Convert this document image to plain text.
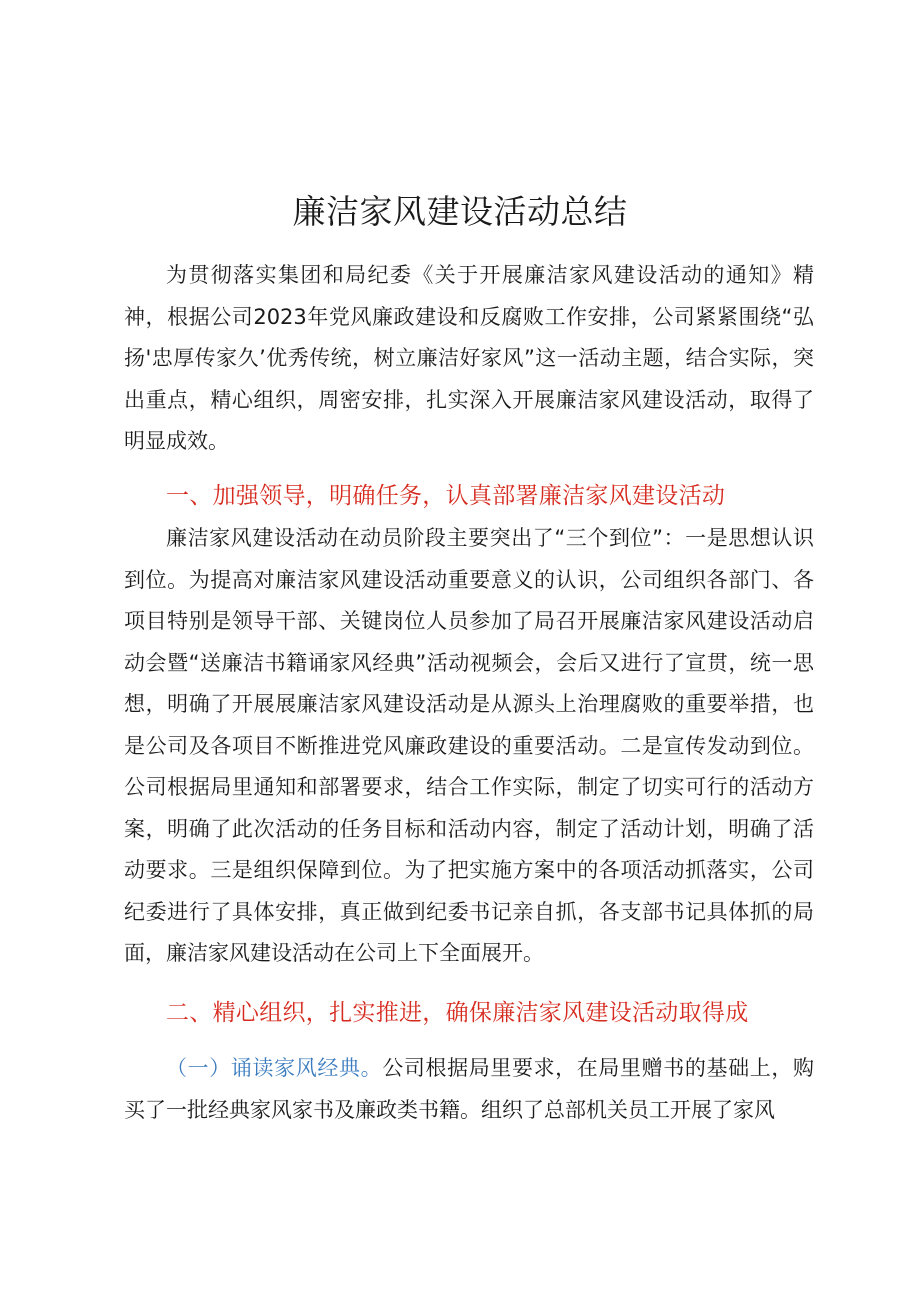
廉洁家风建设活动总结

为贯彻落实集团和局纪委《关于开展廉洁家风建设活动的通知》精神，根据公司2023年党风廉政建设和反腐败工作安排，公司紧紧围绕“弘扬'忠厚传家久’优秀传统，树立廉洁好家风”这一活动主题，结合实际，突出重点，精心组织，周密安排，扎实深入开展廉洁家风建设活动，取得了明显成效。

一、加强领导，明确任务，认真部署廉洁家风建设活动

廉洁家风建设活动在动员阶段主要突出了“三个到位”：一是思想认识到位。为提高对廉洁家风建设活动重要意义的认识，公司组织各部门、各项目特别是领导干部、关键岗位人员参加了局召开展廉洁家风建设活动启动会暨“送廉洁书籍诵家风经典”活动视频会，会后又进行了宣贯，统一思想，明确了开展展廉洁家风建设活动是从源头上治理腐败的重要举措，也是公司及各项目不断推进党风廉政建设的重要活动。二是宣传发动到位。公司根据局里通知和部署要求，结合工作实际，制定了切实可行的活动方案，明确了此次活动的任务目标和活动内容，制定了活动计划，明确了活动要求。三是组织保障到位。为了把实施方案中的各项活动抓落实，公司纪委进行了具体安排，真正做到纪委书记亲自抓，各支部书记具体抓的局面，廉洁家风建设活动在公司上下全面展开。

二、精心组织，扎实推进，确保廉洁家风建设活动取得成

（一）诵读家风经典。公司根据局里要求，在局里赠书的基础上，购买了一批经典家风家书及廉政类书籍。组织了总部机关员工开展了家风
